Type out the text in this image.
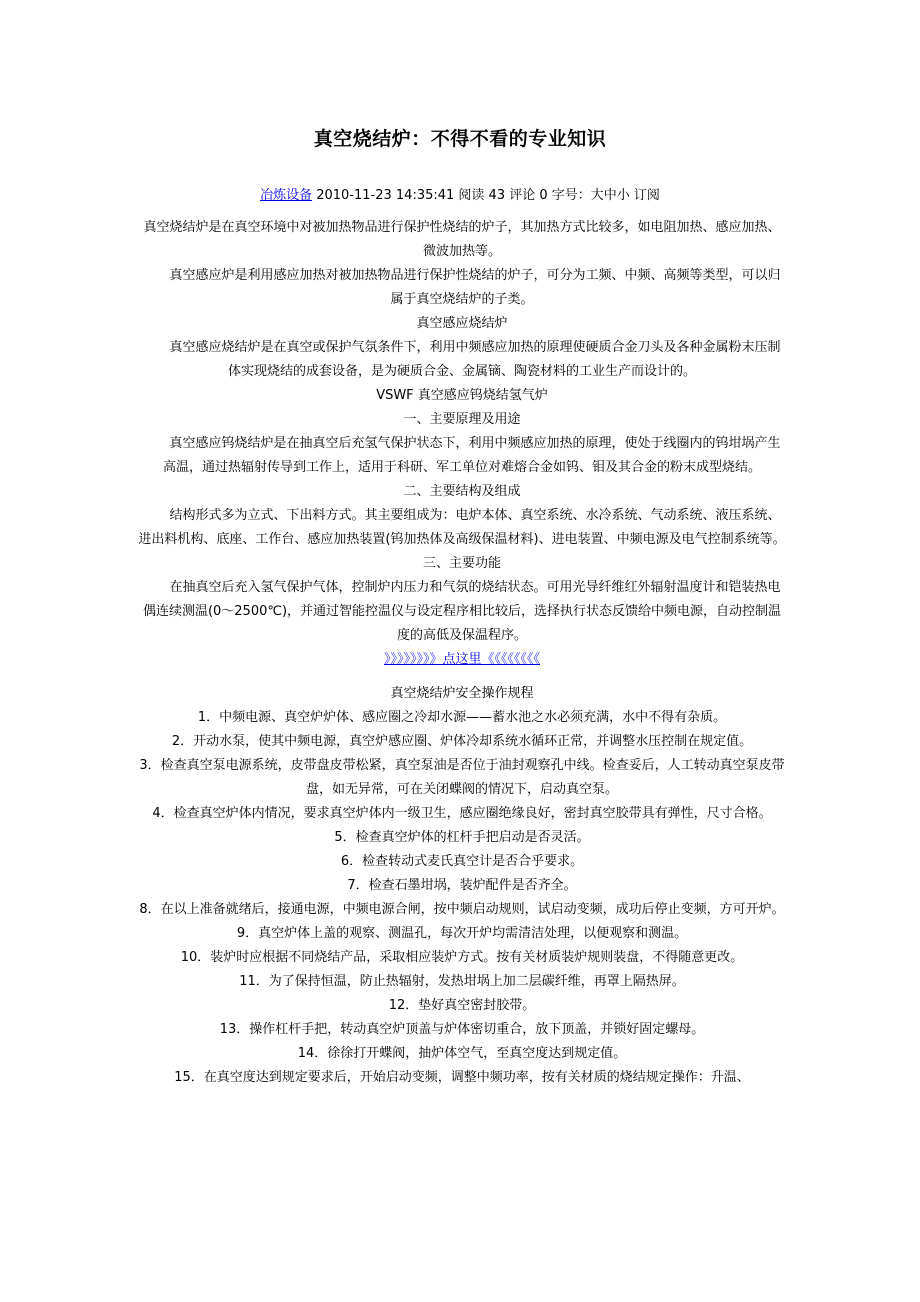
真空烧结炉：不得不看的专业知识
冶炼设备 2010-11-23 14:35:41 阅读 43 评论 0 字号：大中小 订阅

真空烧结炉是在真空环境中对被加热物品进行保护性烧结的炉子，其加热方式比较多，如电阻加热、感应加热、微波加热等。

真空感应炉是利用感应加热对被加热物品进行保护性烧结的炉子，可分为工频、中频、高频等类型，可以归属于真空烧结炉的子类。

真空感应烧结炉

真空感应烧结炉是在真空或保护气氛条件下，利用中频感应加热的原理使硬质合金刀头及各种金属粉末压制体实现烧结的成套设备，是为硬质合金、金属镝、陶瓷材料的工业生产而设计的。

VSWF 真空感应钨烧结氢气炉

一、主要原理及用途

真空感应钨烧结炉是在抽真空后充氢气保护状态下，利用中频感应加热的原理，使处于线圈内的钨坩埚产生高温，通过热辐射传导到工作上，适用于科研、军工单位对难熔合金如钨、钼及其合金的粉末成型烧结。

二、主要结构及组成

结构形式多为立式、下出料方式。其主要组成为：电炉本体、真空系统、水冷系统、气动系统、液压系统、进出料机构、底座、工作台、感应加热装置(钨加热体及高级保温材料)、进电装置、中频电源及电气控制系统等。

三、主要功能

在抽真空后充入氢气保护气体，控制炉内压力和气氛的烧结状态。可用光导纤维红外辐射温度计和铠装热电偶连续测温(0～2500℃)，并通过智能控温仪与设定程序相比较后，选择执行状态反馈给中频电源，自动控制温度的高低及保温程序。

》》》》》》》》点这里《《《《《《《《

真空烧结炉安全操作规程

1．中频电源、真空炉炉体、感应圈之冷却水源——蓄水池之水必须充满，水中不得有杂质。

2．开动水泵，使其中频电源，真空炉感应圈、炉体冷却系统水循环正常，并调整水压控制在规定值。

3．检查真空泵电源系统，皮带盘皮带松紧，真空泵油是否位于油封观察孔中线。检查妥后，人工转动真空泵皮带盘，如无异常，可在关闭蝶阀的情况下，启动真空泵。

4．检查真空炉体内情况，要求真空炉体内一级卫生，感应圈绝缘良好，密封真空胶带具有弹性，尺寸合格。

5．检查真空炉体的杠杆手把启动是否灵活。

6．检查转动式麦氏真空计是否合乎要求。

7．检查石墨坩埚，装炉配件是否齐全。

8．在以上准备就绪后，接通电源，中频电源合闸，按中频启动规则，试启动变频，成功后停止变频，方可开炉。

9．真空炉体上盖的观察、测温孔，每次开炉均需清洁处理，以便观察和测温。

10．装炉时应根据不同烧结产品，采取相应装炉方式。按有关材质装炉规则装盘，不得随意更改。

11．为了保持恒温，防止热辐射，发热坩埚上加二层碳纤维，再罩上隔热屏。

12．垫好真空密封胶带。

13．操作杠杆手把，转动真空炉顶盖与炉体密切重合，放下顶盖，并锁好固定螺母。

14．徐徐打开蝶阀，抽炉体空气，至真空度达到规定值。

15．在真空度达到规定要求后，开始启动变频，调整中频功率，按有关材质的烧结规定操作：升温、
